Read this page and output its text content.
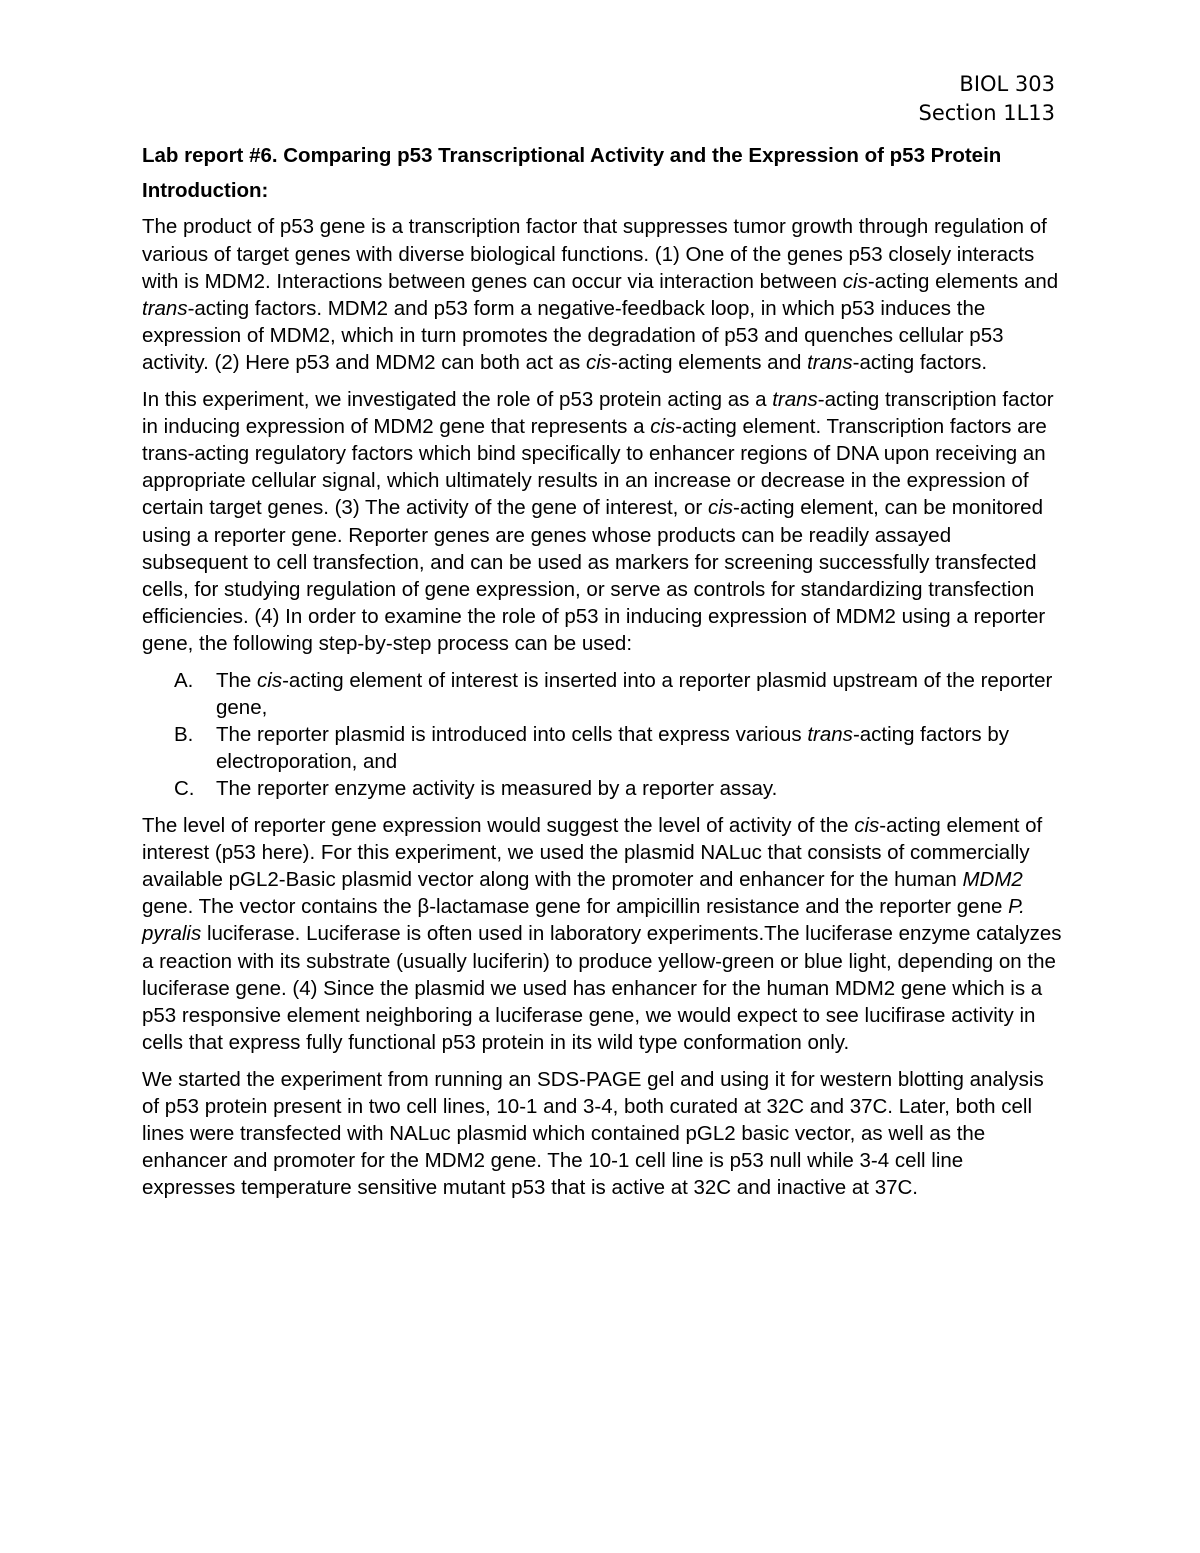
BIOL 303
Section 1L13
Lab report #6. Comparing p53 Transcriptional Activity and the Expression of p53 Protein
Introduction:

The product of p53 gene is a transcription factor that suppresses tumor growth through regulation of various of target genes with diverse biological functions. (1) One of the genes p53 closely interacts with is MDM2. Interactions between genes can occur via interaction between cis-acting elements and trans-acting factors. MDM2 and p53 form a negative-feedback loop, in which p53 induces the expression of MDM2, which in turn promotes the degradation of p53 and quenches cellular p53 activity. (2) Here p53 and MDM2 can both act as cis-acting elements and trans-acting factors.

In this experiment, we investigated the role of p53 protein acting as a trans-acting transcription factor in inducing expression of MDM2 gene that represents a cis-acting element. Transcription factors are trans-acting regulatory factors which bind specifically to enhancer regions of DNA upon receiving an appropriate cellular signal, which ultimately results in an increase or decrease in the expression of certain target genes. (3) The activity of the gene of interest, or cis-acting element, can be monitored using a reporter gene. Reporter genes are genes whose products can be readily assayed subsequent to cell transfection, and can be used as markers for screening successfully transfected cells, for studying regulation of gene expression, or serve as controls for standardizing transfection efficiencies. (4) In order to examine the role of p53 in inducing expression of MDM2 using a reporter gene, the following step-by-step process can be used:

A. The cis-acting element of interest is inserted into a reporter plasmid upstream of the reporter gene,
B. The reporter plasmid is introduced into cells that express various trans-acting factors by electroporation, and
C. The reporter enzyme activity is measured by a reporter assay.

The level of reporter gene expression would suggest the level of activity of the cis-acting element of interest (p53 here). For this experiment, we used the plasmid NALuc that consists of commercially available pGL2-Basic plasmid vector along with the promoter and enhancer for the human MDM2 gene. The vector contains the β-lactamase gene for ampicillin resistance and the reporter gene P. pyralis luciferase. Luciferase is often used in laboratory experiments.The luciferase enzyme catalyzes a reaction with its substrate (usually luciferin) to produce yellow-green or blue light, depending on the luciferase gene. (4) Since the plasmid we used has enhancer for the human MDM2 gene which is a p53 responsive element neighboring a luciferase gene, we would expect to see lucifirase activity in cells that express fully functional p53 protein in its wild type conformation only.

We started the experiment from running an SDS-PAGE gel and using it for western blotting analysis of p53 protein present in two cell lines, 10-1 and 3-4, both curated at 32C and 37C. Later, both cell lines were transfected with NALuc plasmid which contained pGL2 basic vector, as well as the enhancer and promoter for the MDM2 gene. The 10-1 cell line is p53 null while 3-4 cell line expresses temperature sensitive mutant p53 that is active at 32C and inactive at 37C.
